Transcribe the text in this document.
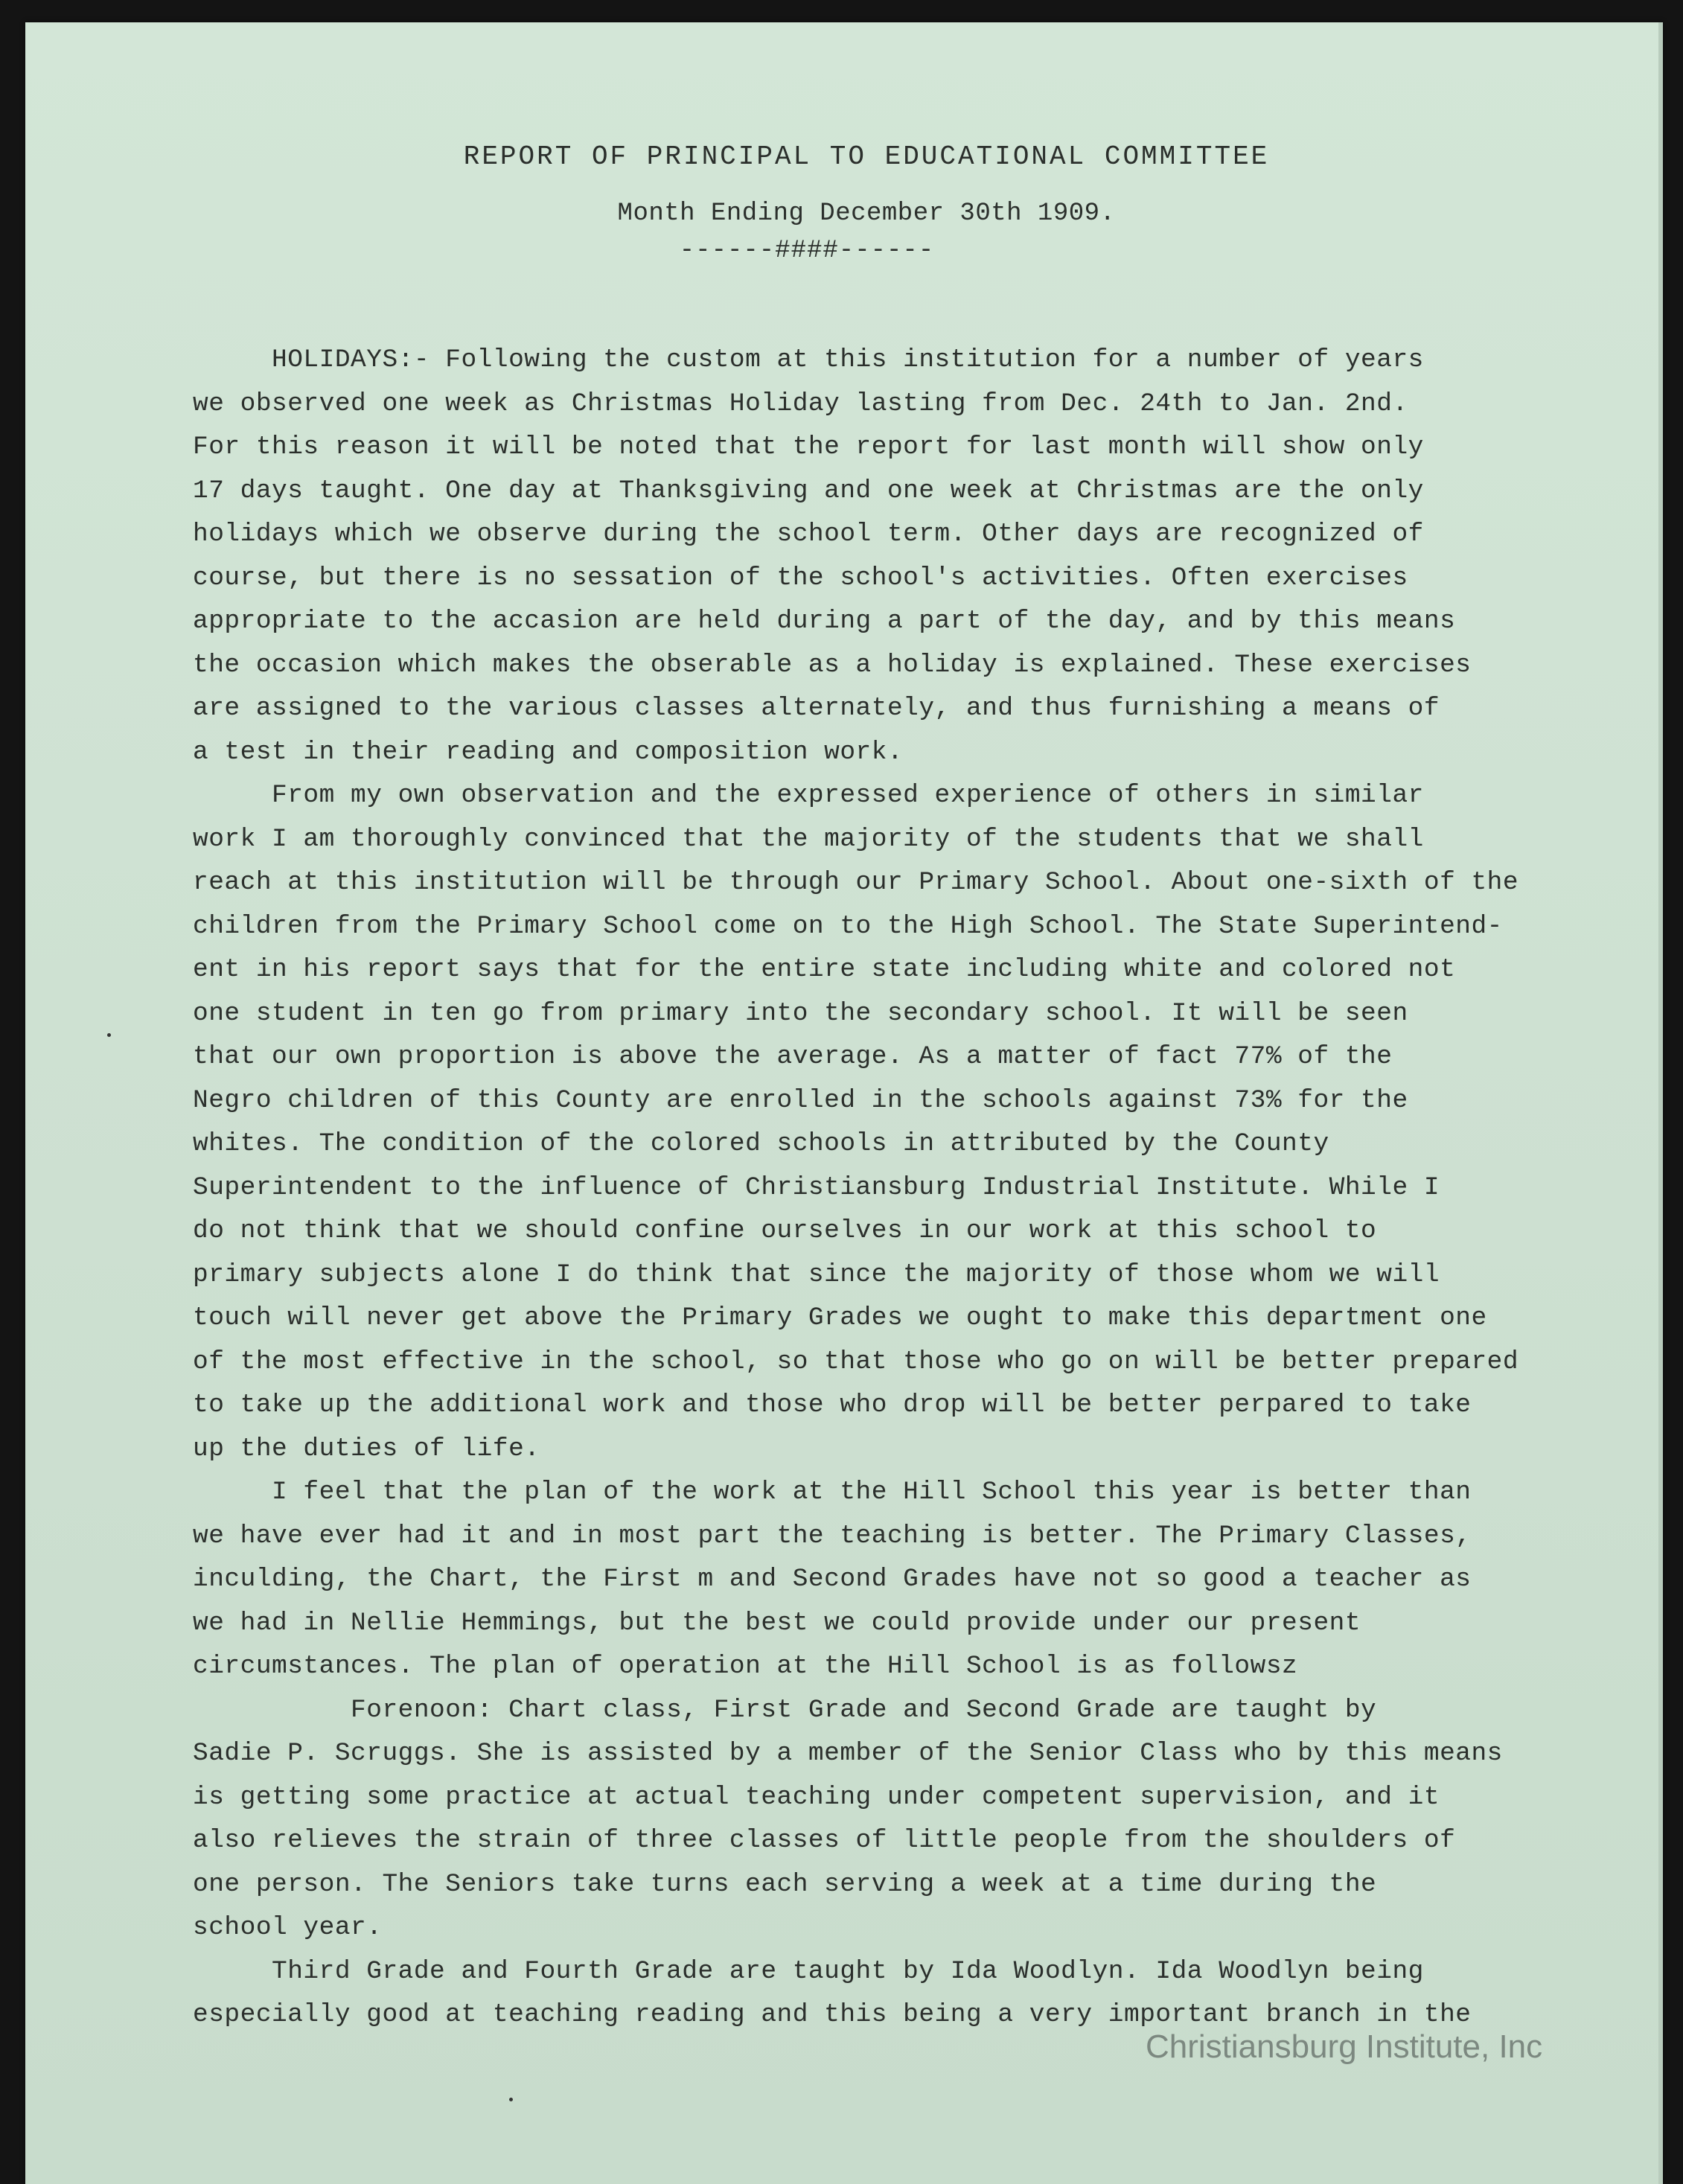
REPORT OF PRINCIPAL TO EDUCATIONAL COMMITTEE
Month Ending December 30th 1909.
------####------
HOLIDAYS:- Following the custom at this institution for a number of years
we observed one week as Christmas Holiday lasting from Dec. 24th to Jan. 2nd.
For this reason it will be noted that the report for last month will show only
17 days taught. One day at Thanksgiving and one week at Christmas are the only
holidays which we observe during the school term. Other days are recognized of
course, but there is no sessation of the school's activities. Often exercises
appropriate to the accasion are held during a part of the day, and by this means
the occasion which makes the obserable as a holiday is explained. These exercises
are assigned to the various classes alternately, and thus furnishing a means of
a test in their reading and composition work.
From my own observation and the expressed experience of others in similar
work I am thoroughly convinced that the majority of the students that we shall
reach at this institution will be through our Primary School. About one-sixth of the
children from the Primary School come on to the High School. The State Superintend-
ent in his report says that for the entire state including white and colored not
one student in ten go from primary into the secondary school. It will be seen
that our own proportion is above the average. As a matter of fact 77% of the
Negro children of this County are enrolled in the schools against 73% for the
whites. The condition of the colored schools in attributed by the County
Superintendent to the influence of Christiansburg Industrial Institute. While I
do not think that we should confine ourselves in our work at this school to
primary subjects alone I do think that since the majority of those whom we will
touch will never get above the Primary Grades we ought to make this department one
of the most effective in the school, so that those who go on will be better prepared
to take up the additional work and those who drop will be better perpared to take
up the duties of life.
I feel that the plan of the work at the Hill School this year is better than
we have ever had it and in most part the teaching is better. The Primary Classes,
inculding, the Chart, the First m and Second Grades have not so good a teacher as
we had in Nellie Hemmings, but the best we could provide under our present
circumstances. The plan of operation at the Hill School is as followsz
Forenoon: Chart class, First Grade and Second Grade are taught by
Sadie P. Scruggs. She is assisted by a member of the Senior Class who by this means
is getting some practice at actual teaching under competent supervision, and it
also relieves the strain of three classes of little people from the shoulders of
one person. The Seniors take turns each serving a week at a time during the
school year.
Third Grade and Fourth Grade are taught by Ida Woodlyn. Ida Woodlyn being
especially good at teaching reading and this being a very important branch in the
Christiansburg Institute, Inc
